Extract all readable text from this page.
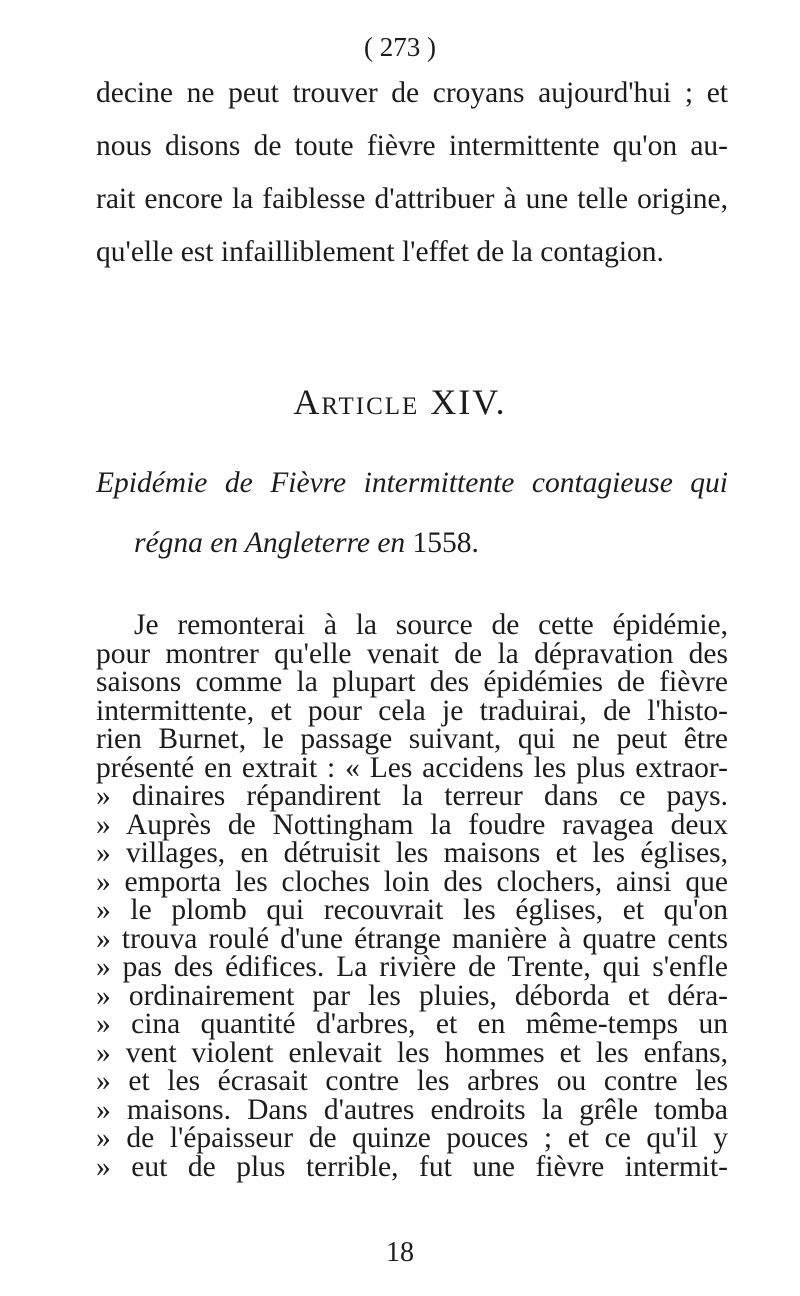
( 273 )
decine ne peut trouver de croyans aujourd'hui ; et
nous disons de toute fièvre intermittente qu'on au-
rait encore la faiblesse d'attribuer à une telle origine,
qu'elle est infailliblement l'effet de la contagion.
Article XIV.
Epidémie de Fièvre intermittente contagieuse qui
régna en Angleterre en 1558.
Je remonterai à la source de cette épidémie,
pour montrer qu'elle venait de la dépravation des
saisons comme la plupart des épidémies de fièvre
intermittente, et pour cela je traduirai, de l'histo-
rien Burnet, le passage suivant, qui ne peut être
présenté en extrait : « Les accidens les plus extraor-
» dinaires répandirent la terreur dans ce pays.
» Auprès de Nottingham la foudre ravagea deux
» villages, en détruisit les maisons et les églises,
» emporta les cloches loin des clochers, ainsi que
» le plomb qui recouvrait les églises, et qu'on
» trouva roulé d'une étrange manière à quatre cents
» pas des édifices. La rivière de Trente, qui s'enfle
» ordinairement par les pluies, déborda et déra-
» cina quantité d'arbres, et en même-temps un
» vent violent enlevait les hommes et les enfans,
» et les écrasait contre les arbres ou contre les
» maisons. Dans d'autres endroits la grêle tomba
» de l'épaisseur de quinze pouces ; et ce qu'il y
» eut de plus terrible, fut une fièvre intermit-
18
